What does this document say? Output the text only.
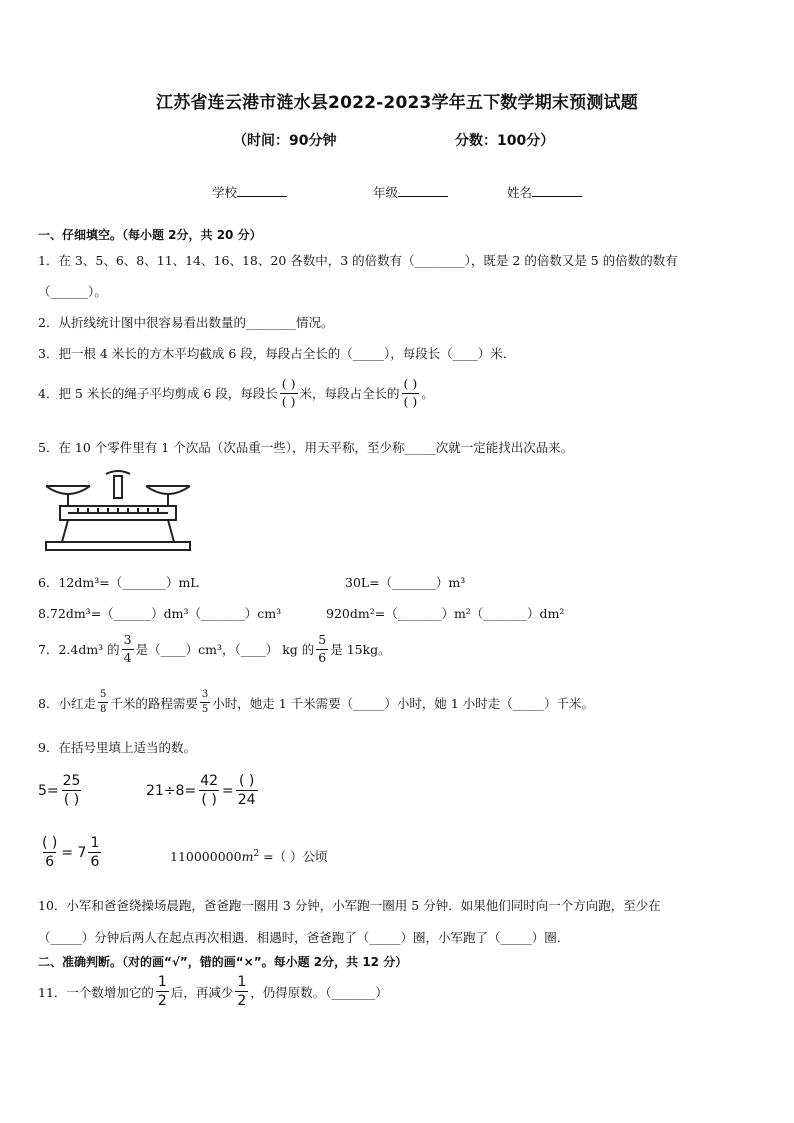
江苏省连云港市涟水县2022-2023学年五下数学期末预测试题
（时间：90分钟	分数：100分）
学校	年级	姓名
一、仔细填空。（每小题 2分，共 20 分）
1．在 3、5、6、8、11、14、16、18、20 各数中，3 的倍数有（________），既是 2 的倍数又是 5 的倍数的数有
（______）。
2．从折线统计图中很容易看出数量的________情况。
3．把一根 4 米长的方木平均截成 6 段，每段占全长的（_____），每段长（____）米．
4．把 5 米长的绳子平均剪成 6 段，每段长 $\frac{( )}{( )}$ 米，每段占全长的 $\frac{( )}{( )}$ 。
5．在 10 个零件里有 1 个次品（次品重一些），用天平称，至少称_____次就一定能找出次品来。
6．12dm³=（_______）mL	30L=（_______）m³
8.72dm³=（______）dm³（_______）cm³	920dm²=（_______）m²（_______）dm²
7．2.4dm³ 的 $\frac{3}{4}$ 是（____）cm³，（____） kg 的 $\frac{5}{6}$ 是 15kg。
8．小红走 $\frac{5}{8}$ 千米的路程需要 $\frac{3}{5}$ 小时，她走 1 千米需要（_____）小时，她 1 小时走（_____）千米。
9．在括号里填上适当的数。
$5= \frac{25}{( )}$	$21\div 8= \frac{42}{( )} = \frac{( )}{24}$
$\frac{( )}{6} = 7 \frac{1}{6}$	$110000000m^2$ =（ ）公顷
10．小军和爸爸绕操场晨跑，爸爸跑一圈用 3 分钟，小军跑一圈用 5 分钟．如果他们同时向一个方向跑，至少在
（_____）分钟后两人在起点再次相遇．相遇时，爸爸跑了（_____）圈，小军跑了（_____）圈．
二、准确判断。（对的画“√”，错的画“×”。每小题 2分，共 12 分）
11．一个数增加它的 $\frac{1}{2}$ 后，再减少 $\frac{1}{2}$ ，仍得原数。（_______）
